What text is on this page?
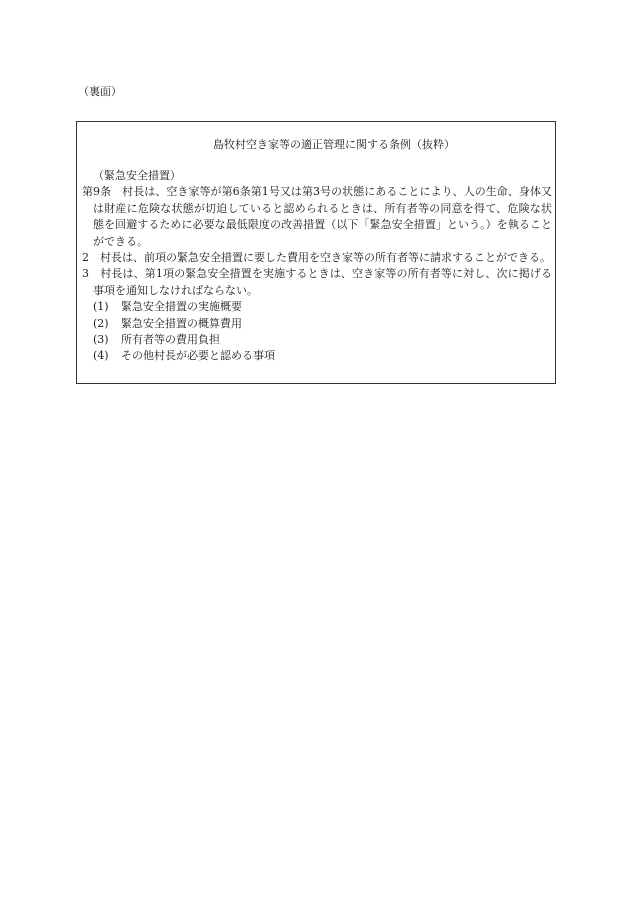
（裏面）
島牧村空き家等の適正管理に関する条例（抜粋）
（緊急安全措置）
第9条　村長は、空き家等が第6条第1号又は第3号の状態にあることにより、人の生命、身体又は財産に危険な状態が切迫していると認められるときは、所有者等の同意を得て、危険な状態を回避するために必要な最低限度の改善措置（以下「緊急安全措置」という。）を執ることができる。
2　村長は、前項の緊急安全措置に要した費用を空き家等の所有者等に請求することができる。
3　村長は、第1項の緊急安全措置を実施するときは、空き家等の所有者等に対し、次に掲げる事項を通知しなければならない。
(1) 緊急安全措置の実施概要
(2) 緊急安全措置の概算費用
(3) 所有者等の費用負担
(4) その他村長が必要と認める事項
